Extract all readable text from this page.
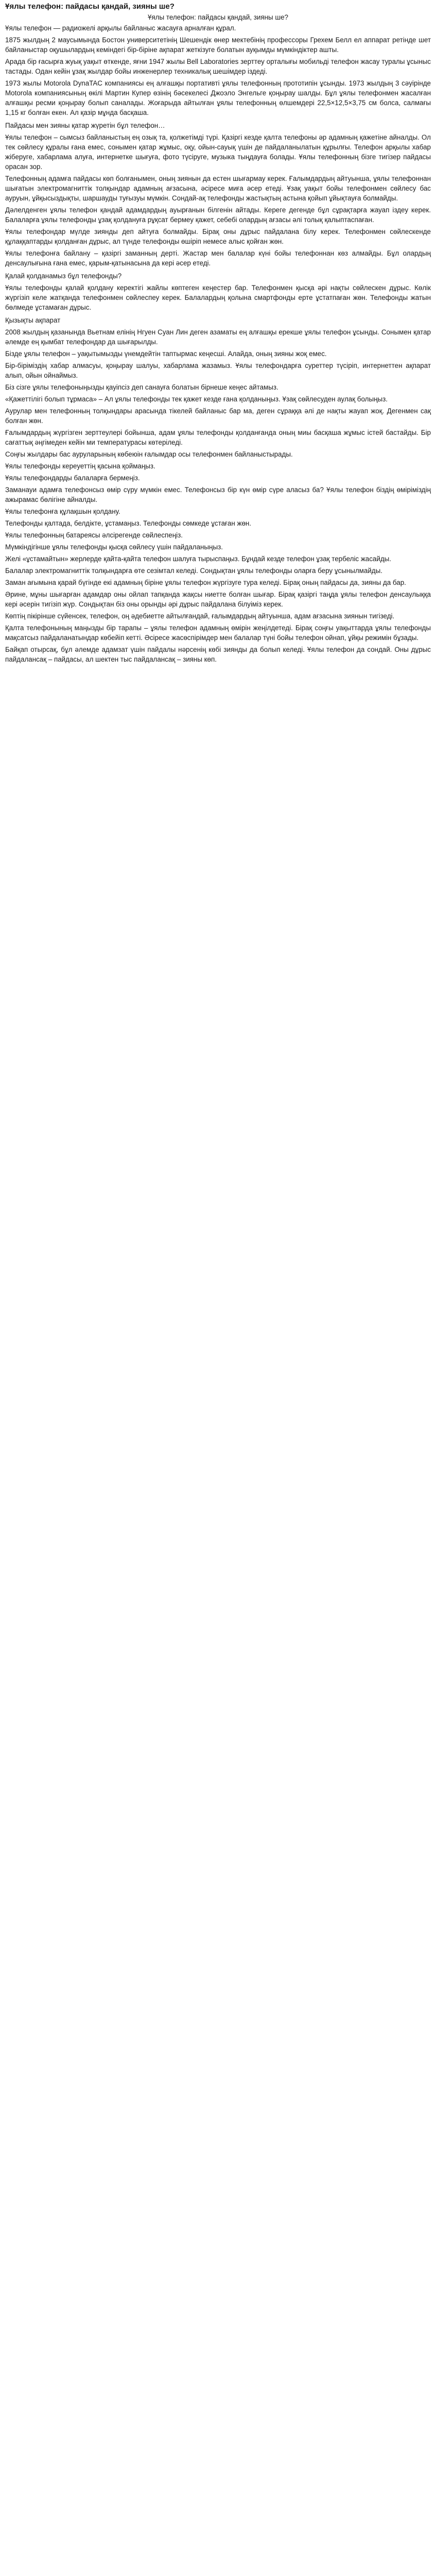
Ұялы телефон: пайдасы қандай, зияны ше?
Ұялы телефон: пайдасы қандай, зияны ше?

Ұялы телефон — радиожелі арқылы байланыс жасауға арналған құрал.

1875 жылдың 2 маусымында Бостон университетінің Шешендік өнер мектебінің профессоры Грехем Белл ел аппарат ретінде шет байланыстар оқушылардың кеміндегі бір-біріне ақпарат жеткізуге болатын ауқымды мүмкіндіктер ашты.

Арада бір ғасырға жуық уақыт өткенде, яғни 1947 жылы Bell Laboratories зерттеу орталығы мобильді телефон жасау туралы ұсыныс тастады. Одан кейін ұзақ жылдар бойы инженерлер техникалық шешімдер іздеді.

1973 жылы Motorola DynaTAC компаниясы ең алғашқы портативті ұялы телефонның прототипін ұсынды. 1973 жылдың 3 сәуірінде Motorola компаниясының өкілі Мартин Купер өзінің бәсекелесі Джоэло Энгельге қоңырау шалды. Бұл ұялы телефонмен жасалған алғашқы ресми қоңырау болып саналады. Жоғарыда айтылған ұялы телефонның өлшемдері 22,5×12,5×3,75 см болса, салмағы 1,15 кг болған екен. Ал қазір мұнда басқаша.

Пайдасы мен зияны қатар жүретін бұл телефон…

Ұялы телефон – сымсыз байланыстың ең озық та, қолжетімді түрі. Қазіргі кезде қалта телефоны әр адамның қажетіне айналды. Ол тек сөйлесу құралы ғана емес, сонымен қатар жұмыс, оқу, ойын-сауық үшін де пайдаланылатын құрылғы. Телефон арқылы хабар жіберуге, хабарлама алуға, интернетке шығуға, фото түсіруге, музыка тыңдауға болады. Ұялы телефонның бізге тигізер пайдасы орасан зор.

Телефонның адамға пайдасы көп болғанымен, оның зиянын да естен шығармау керек. Ғалымдардың айтуынша, ұялы телефоннан шығатын электромагниттік толқындар адамның ағзасына, әсіресе миға әсер етеді. Ұзақ уақыт бойы телефонмен сөйлесу бас ауруын, ұйқысыздықты, шаршауды туғызуы мүмкін. Сондай-ақ телефонды жастықтың астына қойып ұйықтауға болмайды.

Дәлелденген ұялы телефон қандай адамдардың ауырғанын білгенін айтады. Кереге дегенде бұл сұрақтарға жауап іздеу керек. Балаларға ұялы телефонды ұзақ қолдануға рұқсат бермеу қажет, себебі олардың ағзасы әлі толық қалыптаспаған.

Ұялы телефондар мүлде зиянды деп айтуға болмайды. Бірақ оны дұрыс пайдалана білу керек. Телефонмен сөйлескенде құлаққаптарды қолданған дұрыс, ал түнде телефонды өшіріп немесе алыс қойған жөн.

Ұялы телефонға байлану – қазіргі заманның дерті. Жастар мен балалар күні бойы телефоннан көз алмайды. Бұл олардың денсаулығына ғана емес, қарым-қатынасына да кері әсер етеді.

Қалай қолданамыз бұл телефонды?

Ұялы телефонды қалай қолдану керектігі жайлы көптеген кеңестер бар. Телефонмен қысқа әрі нақты сөйлескен дұрыс. Көлік жүргізіп келе жатқанда телефонмен сөйлеспеу керек. Балалардың қолына смартфонды ерте ұстатпаған жөн. Телефонды жатын бөлмеде ұстамаған дұрыс.

Қызықты ақпарат

2008 жылдың қазанында Вьетнам елінің Нгуен Суан Лин деген азаматы ең алғашқы ерекше ұялы телефон ұсынды. Сонымен қатар әлемде ең қымбат телефондар да шығарылды.

Бізде ұялы телефон – уақытымызды үнемдейтін таптырмас кеңесші. Алайда, оның зияны жоқ емес.

Бір-біріміздің хабар алмасуы, қоңырау шалуы, хабарлама жазамыз. Ұялы телефондарға суреттер түсіріп, интернеттен ақпарат алып, ойын ойнаймыз.

Біз сізге ұялы телефоныңызды қауіпсіз деп санауға болатын бірнеше кеңес айтамыз.

«Қажеттілігі болып тұрмаса» – Ал ұялы телефонды тек қажет кезде ғана қолданыңыз. Ұзақ сөйлесуден аулақ болыңыз.

Аурулар мен телефонның толқындары арасында тікелей байланыс бар ма, деген сұраққа әлі де нақты жауап жоқ. Дегенмен сақ болған жөн.

Ғалымдардың жүргізген зерттеулері бойынша, адам ұялы телефонды қолданғанда оның миы басқаша жұмыс істей бастайды. Бір сағаттық әңгімеден кейін ми температурасы көтеріледі.

Соңғы жылдары бас ауруларының көбеюін ғалымдар осы телефонмен байланыстырады.

Ұялы телефонды кереуеттің қасына қоймаңыз.

Ұялы телефондарды балаларға бермеңіз.

Заманауи адамға телефонсыз өмір сүру мүмкін емес. Телефонсыз бір күн өмір сүре аласыз ба? Ұялы телефон біздің өміріміздің ажырамас бөлігіне айналды.

Ұялы телефонға құлақшын қолдану.

Телефонды қалтада, белдікте, ұстамаңыз. Телефонды сөмкеде ұстаған жөн.

Ұялы телефонның батареясы әлсірегенде сөйлеспеңіз.

Мүмкіндігінше ұялы телефонды қысқа сөйлесу үшін пайдаланыңыз.

Желі «ұстамайтын» жерлерде қайта-қайта телефон шалуға тырыспаңыз. Бұндай кезде телефон ұзақ тербеліс жасайды.

Балалар электромагниттік толқындарға өте сезімтал келеді. Сондықтан ұялы телефонды оларға беру ұсынылмайды.

Заман ағымына қарай бүгінде екі адамның біріне ұялы телефон жүргізуге тура келеді. Бірақ оның пайдасы да, зияны да бар.

Әрине, мұны шығарған адамдар оны ойлап тапқанда жақсы ниетте болған шығар. Бірақ қазіргі таңда ұялы телефон денсаулыққа кері әсерін тигізіп жүр. Сондықтан біз оны орынды әрі дұрыс пайдалана білуіміз керек.

Көптің пікірінше сүйенсек, телефон, оң әдебиетте айтылғандай, ғалымдардың айтуынша, адам ағзасына зиянын тигізеді.

Қалта телефонының маңызды бір тарапы – ұялы телефон адамның өмірін жеңілдетеді. Бірақ соңғы уақыттарда ұялы телефонды мақсатсыз пайдаланатындар көбейіп кетті. Әсіресе жасөспірімдер мен балалар түні бойы телефон ойнап, ұйқы режимін бұзады.

Байқап отырсақ, бұл әлемде адамзат үшін пайдалы нәрсенің көбі зиянды да болып келеді. Ұялы телефон да сондай. Оны дұрыс пайдалансақ – пайдасы, ал шектен тыс пайдалансақ – зияны көп.
